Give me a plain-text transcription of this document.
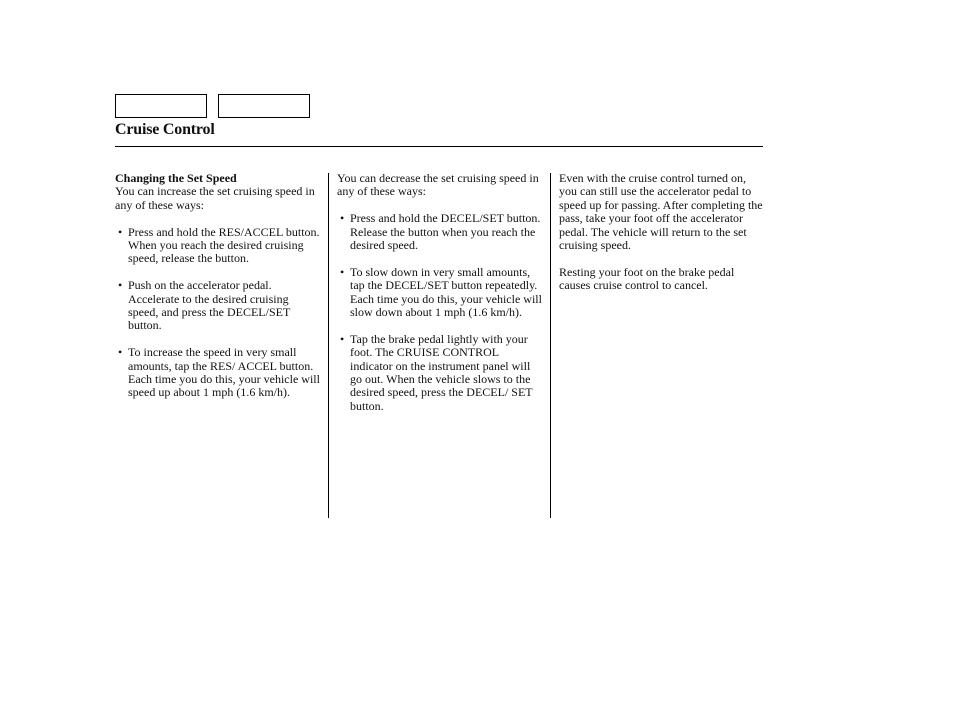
Cruise Control

Changing the Set Speed

You can increase the set cruising speed in any of these ways:

• Press and hold the RES/ACCEL button. When you reach the desired cruising speed, release the button.

• Push on the accelerator pedal. Accelerate to the desired cruising speed, and press the DECEL/SET button.

• To increase the speed in very small amounts, tap the RES/ ACCEL button. Each time you do this, your vehicle will speed up about 1 mph (1.6 km/h).

You can decrease the set cruising speed in any of these ways:

• Press and hold the DECEL/SET button. Release the button when you reach the desired speed.

• To slow down in very small amounts, tap the DECEL/SET button repeatedly. Each time you do this, your vehicle will slow down about 1 mph (1.6 km/h).

• Tap the brake pedal lightly with your foot. The CRUISE CONTROL indicator on the instrument panel will go out. When the vehicle slows to the desired speed, press the DECEL/ SET button.

Even with the cruise control turned on, you can still use the accelerator pedal to speed up for passing. After completing the pass, take your foot off the accelerator pedal. The vehicle will return to the set cruising speed.

Resting your foot on the brake pedal causes cruise control to cancel.
